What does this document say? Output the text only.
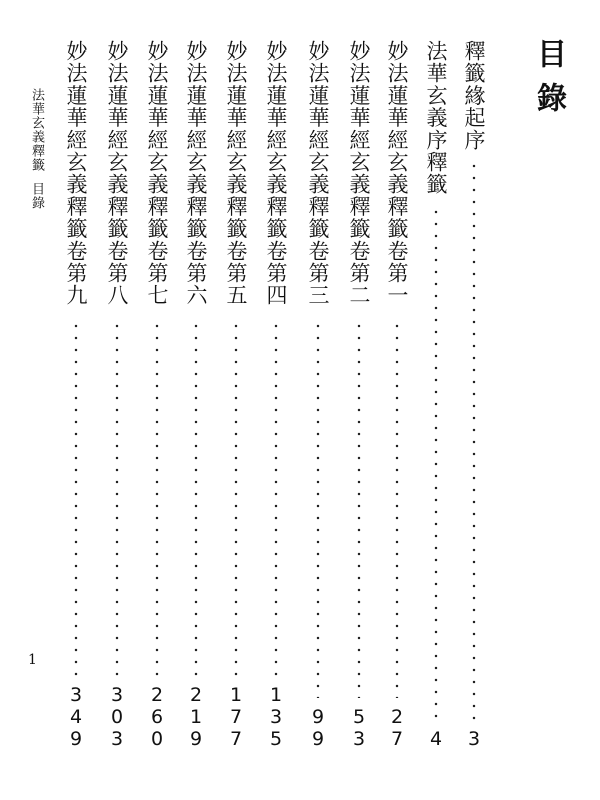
目錄
法華玄義釋籤目錄
1
釋籤緣起序
3
法華玄義序釋籤
4
妙法蓮華經玄義釋籤卷第一
2
7
妙法蓮華經玄義釋籤卷第二
5
3
妙法蓮華經玄義釋籤卷第三
9
9
妙法蓮華經玄義釋籤卷第四
1
3
5
妙法蓮華經玄義釋籤卷第五
1
7
7
妙法蓮華經玄義釋籤卷第六
2
1
9
妙法蓮華經玄義釋籤卷第七
2
6
0
妙法蓮華經玄義釋籤卷第八
3
0
3
妙法蓮華經玄義釋籤卷第九
3
4
9
